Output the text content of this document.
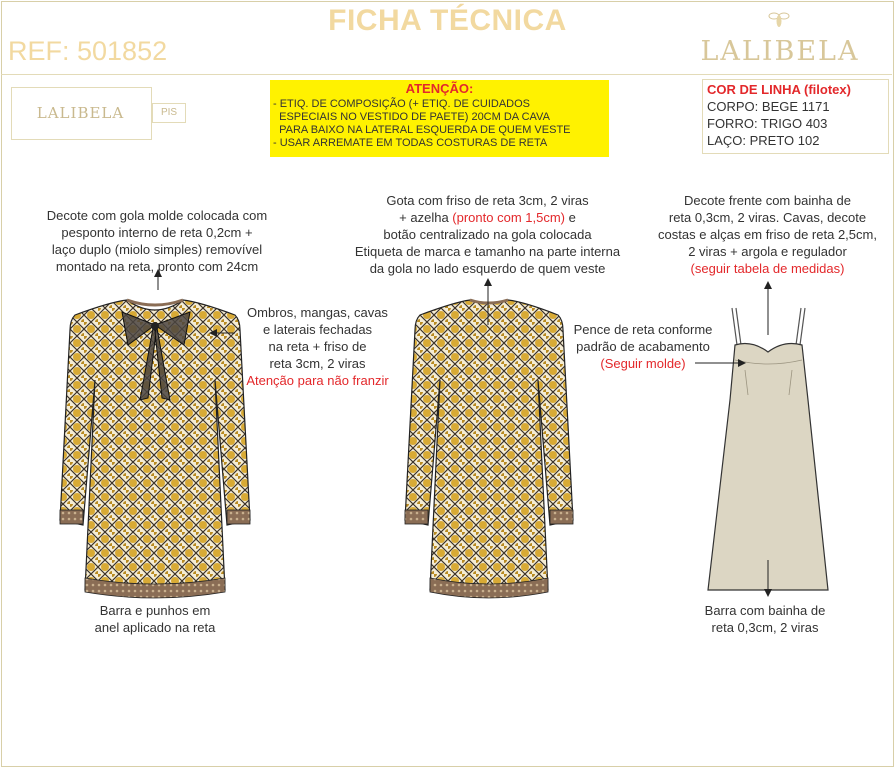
FICHA TÉCNICA
REF: 501852	LALIBELA
LALIBELA	PIS
ATENÇÃO:
- ETIQ. DE COMPOSIÇÃO (+ ETIQ. DE CUIDADOS
ESPECIAIS NO VESTIDO DE PAETE) 20CM DA CAVA
PARA BAIXO NA LATERAL ESQUERDA DE QUEM VESTE
- USAR ARREMATE EM TODAS COSTURAS DE RETA
COR DE LINHA (filotex)
CORPO: BEGE 1171
FORRO: TRIGO 403
LAÇO: PRETO 102
Decote com gola molde colocada com
pesponto interno de reta 0,2cm +
laço duplo (miolo simples) removível
montado na reta, pronto com 24cm
Ombros, mangas, cavas
e laterais fechadas
na reta + friso de
reta 3cm, 2 viras
Atenção para não franzir
Barra e punhos em
anel aplicado na reta
Gota com friso de reta 3cm, 2 viras
+ azelha (pronto com 1,5cm) e
botão centralizado na gola colocada
Etiqueta de marca e tamanho na parte interna
da gola no lado esquerdo de quem veste
Decote frente com bainha de
reta 0,3cm, 2 viras. Cavas, decote
costas e alças em friso de reta 2,5cm,
2 viras + argola e regulador
(seguir tabela de medidas)
Pence de reta conforme
padrão de acabamento
(Seguir molde)
Barra com bainha de
reta 0,3cm, 2 viras
